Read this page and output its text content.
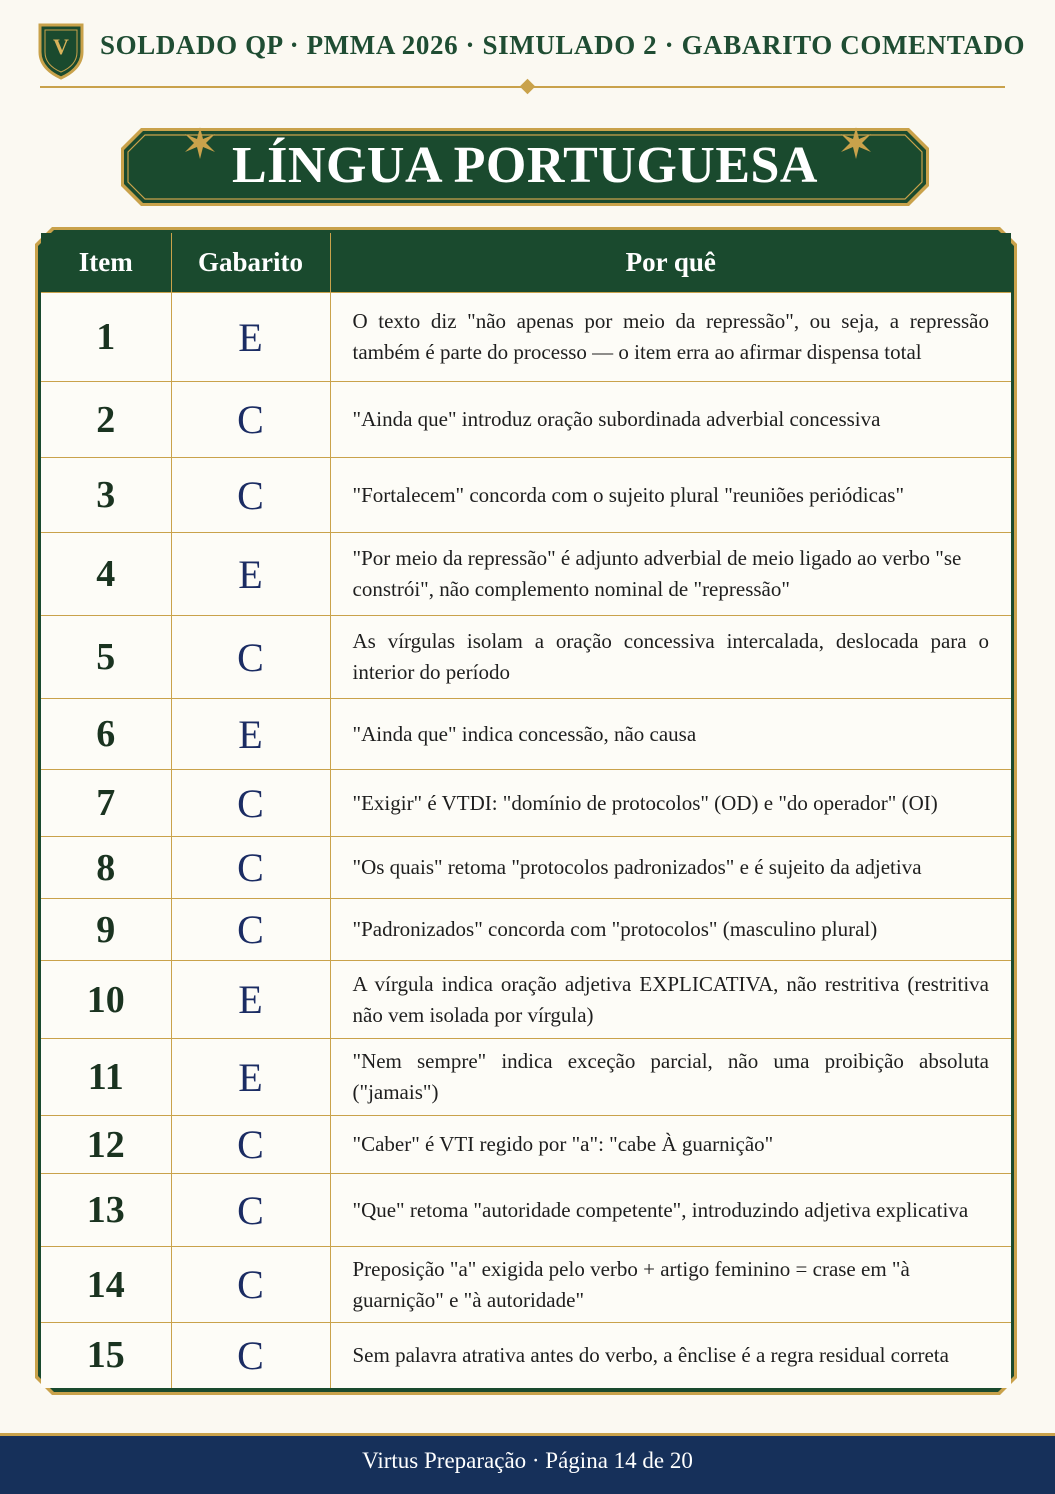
V	SOLDADO QP · PMMA 2026 · SIMULADO 2 · GABARITO COMENTADO
LÍNGUA PORTUGUESA
Item	Gabarito	Por quê
1	E	O texto diz "não apenas por meio da repressão", ou seja, a repressão também é parte do processo — o item erra ao afirmar dispensa total
2	C	"Ainda que" introduz oração subordinada adverbial concessiva
3	C	"Fortalecem" concorda com o sujeito plural "reuniões periódicas"
4	E	"Por meio da repressão" é adjunto adverbial de meio ligado ao verbo "se constrói", não complemento nominal de "repressão"
5	C	As vírgulas isolam a oração concessiva intercalada, deslocada para o interior do período
6	E	"Ainda que" indica concessão, não causa
7	C	"Exigir" é VTDI: "domínio de protocolos" (OD) e "do operador" (OI)
8	C	"Os quais" retoma "protocolos padronizados" e é sujeito da adjetiva
9	C	"Padronizados" concorda com "protocolos" (masculino plural)
10	E	A vírgula indica oração adjetiva EXPLICATIVA, não restritiva (restritiva não vem isolada por vírgula)
11	E	"Nem sempre" indica exceção parcial, não uma proibição absoluta ("jamais")
12	C	"Caber" é VTI regido por "a": "cabe À guarnição"
13	C	"Que" retoma "autoridade competente", introduzindo adjetiva explicativa
14	C	Preposição "a" exigida pelo verbo + artigo feminino = crase em "à guarnição" e "à autoridade"
15	C	Sem palavra atrativa antes do verbo, a ênclise é a regra residual correta
Virtus Preparação · Página 14 de 20
